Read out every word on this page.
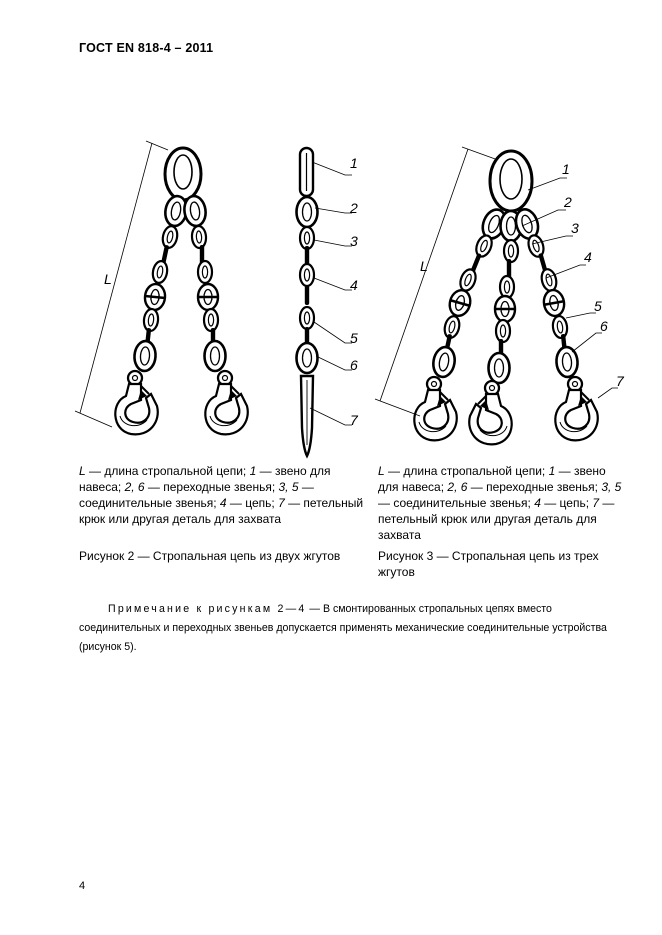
ГОСТ EN 818-4 – 2011
L
1
2
3
4
5
6
7
L
1
2
3
4
5
6
7
L — длина стропальной цепи; 1 — звено для навеса; 2, 6 — переходные звенья; 3, 5 — соединительные звенья; 4 — цепь; 7 — петельный крюк или другая деталь для захвата
L — длина стропальной цепи; 1 — звено для навеса; 2, 6 — переходные звенья; 3, 5 — соединительные звенья; 4 — цепь; 7 — петельный крюк или другая деталь для захвата
Рисунок 2 — Стропальная цепь из двух жгутов	Рисунок 3 — Стропальная цепь из трех жгутов
Примечание к рисункам 2—4 — В смонтированных стропальных цепях вместо соединительных и переходных звеньев допускается применять механические соединительные устройства (рисунок 5).
4
